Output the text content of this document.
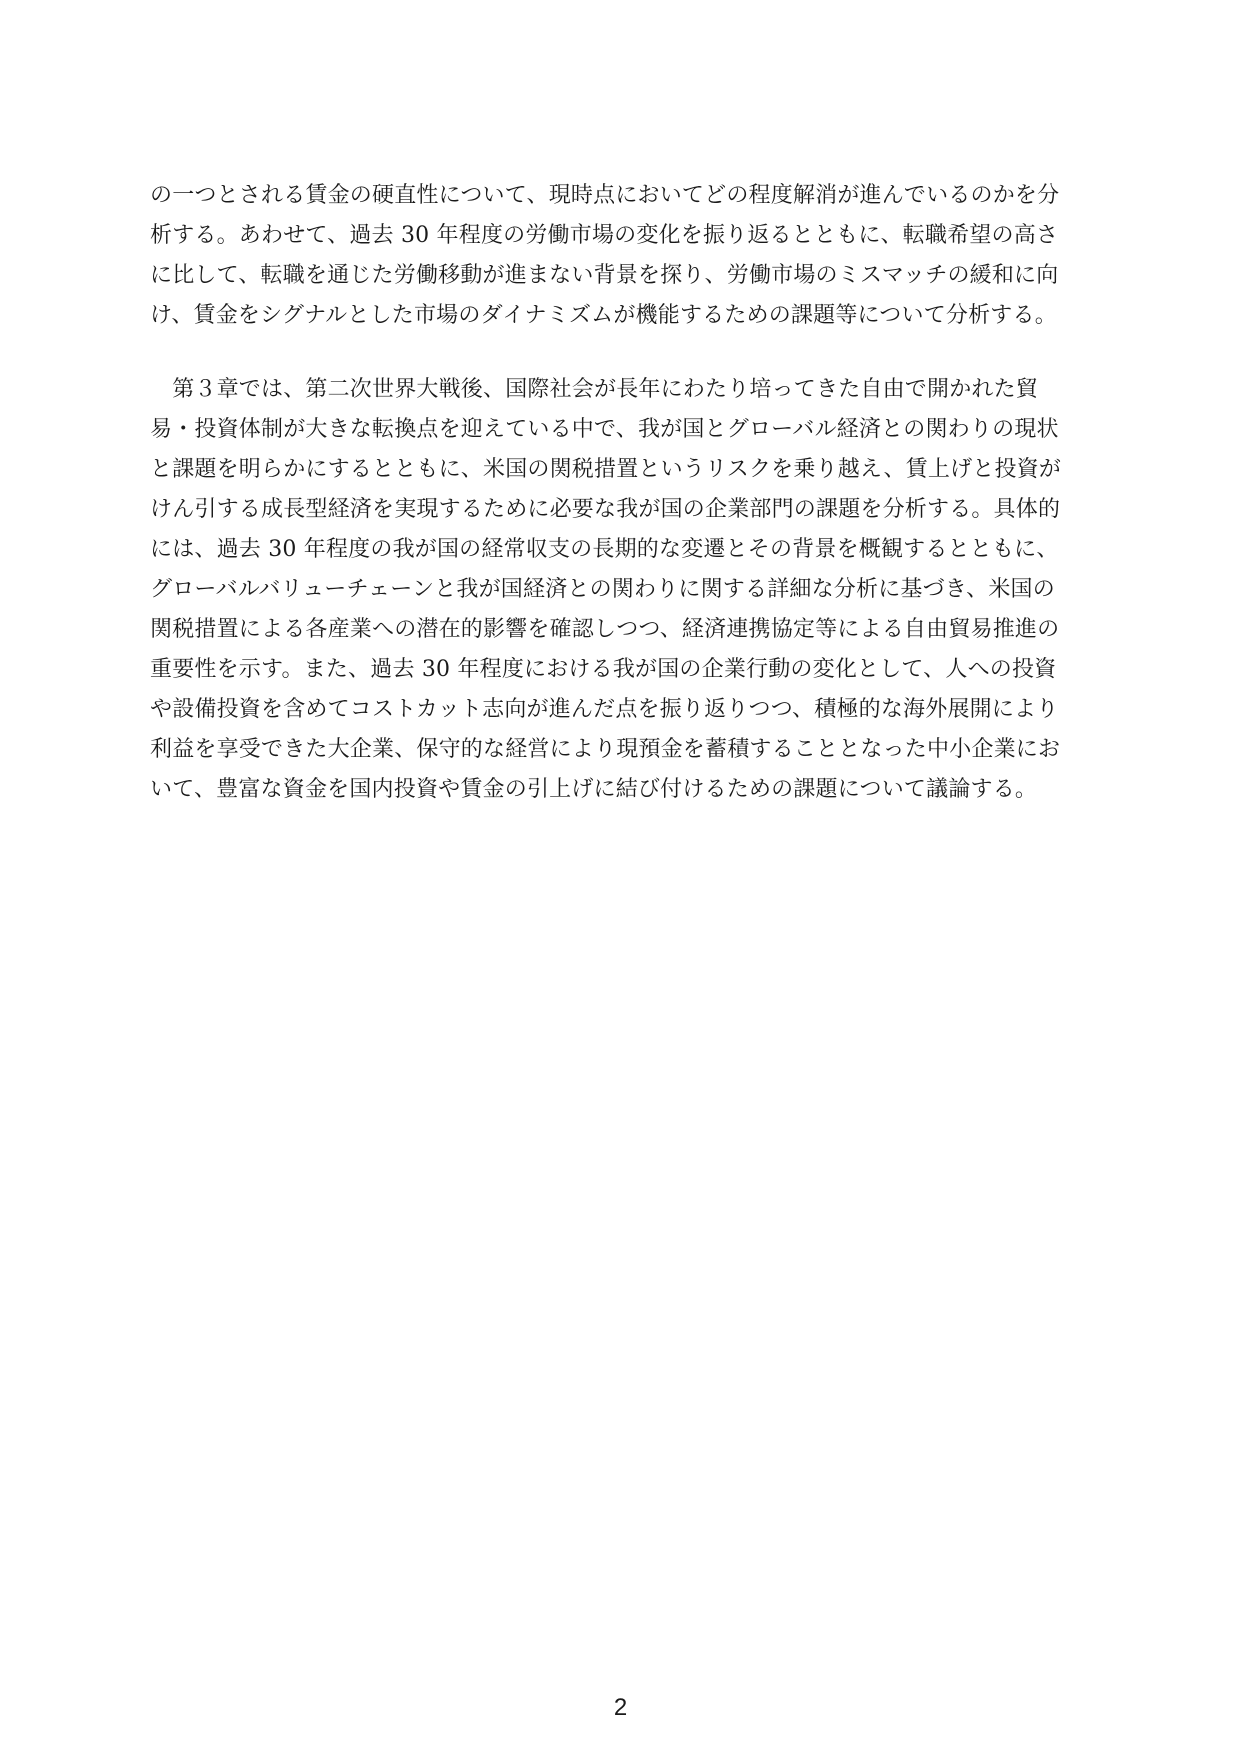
の一つとされる賃金の硬直性について、現時点においてどの程度解消が進んでいるのかを分
析する。あわせて、過去 30 年程度の労働市場の変化を振り返るとともに、転職希望の高さ
に比して、転職を通じた労働移動が進まない背景を探り、労働市場のミスマッチの緩和に向
け、賃金をシグナルとした市場のダイナミズムが機能するための課題等について分析する。

　第３章では、第二次世界大戦後、国際社会が長年にわたり培ってきた自由で開かれた貿
易・投資体制が大きな転換点を迎えている中で、我が国とグローバル経済との関わりの現状
と課題を明らかにするとともに、米国の関税措置というリスクを乗り越え、賃上げと投資が
けん引する成長型経済を実現するために必要な我が国の企業部門の課題を分析する。具体的
には、過去 30 年程度の我が国の経常収支の長期的な変遷とその背景を概観するとともに、
グローバルバリューチェーンと我が国経済との関わりに関する詳細な分析に基づき、米国の
関税措置による各産業への潜在的影響を確認しつつ、経済連携協定等による自由貿易推進の
重要性を示す。また、過去 30 年程度における我が国の企業行動の変化として、人への投資
や設備投資を含めてコストカット志向が進んだ点を振り返りつつ、積極的な海外展開により
利益を享受できた大企業、保守的な経営により現預金を蓄積することとなった中小企業にお
いて、豊富な資金を国内投資や賃金の引上げに結び付けるための課題について議論する。

2
